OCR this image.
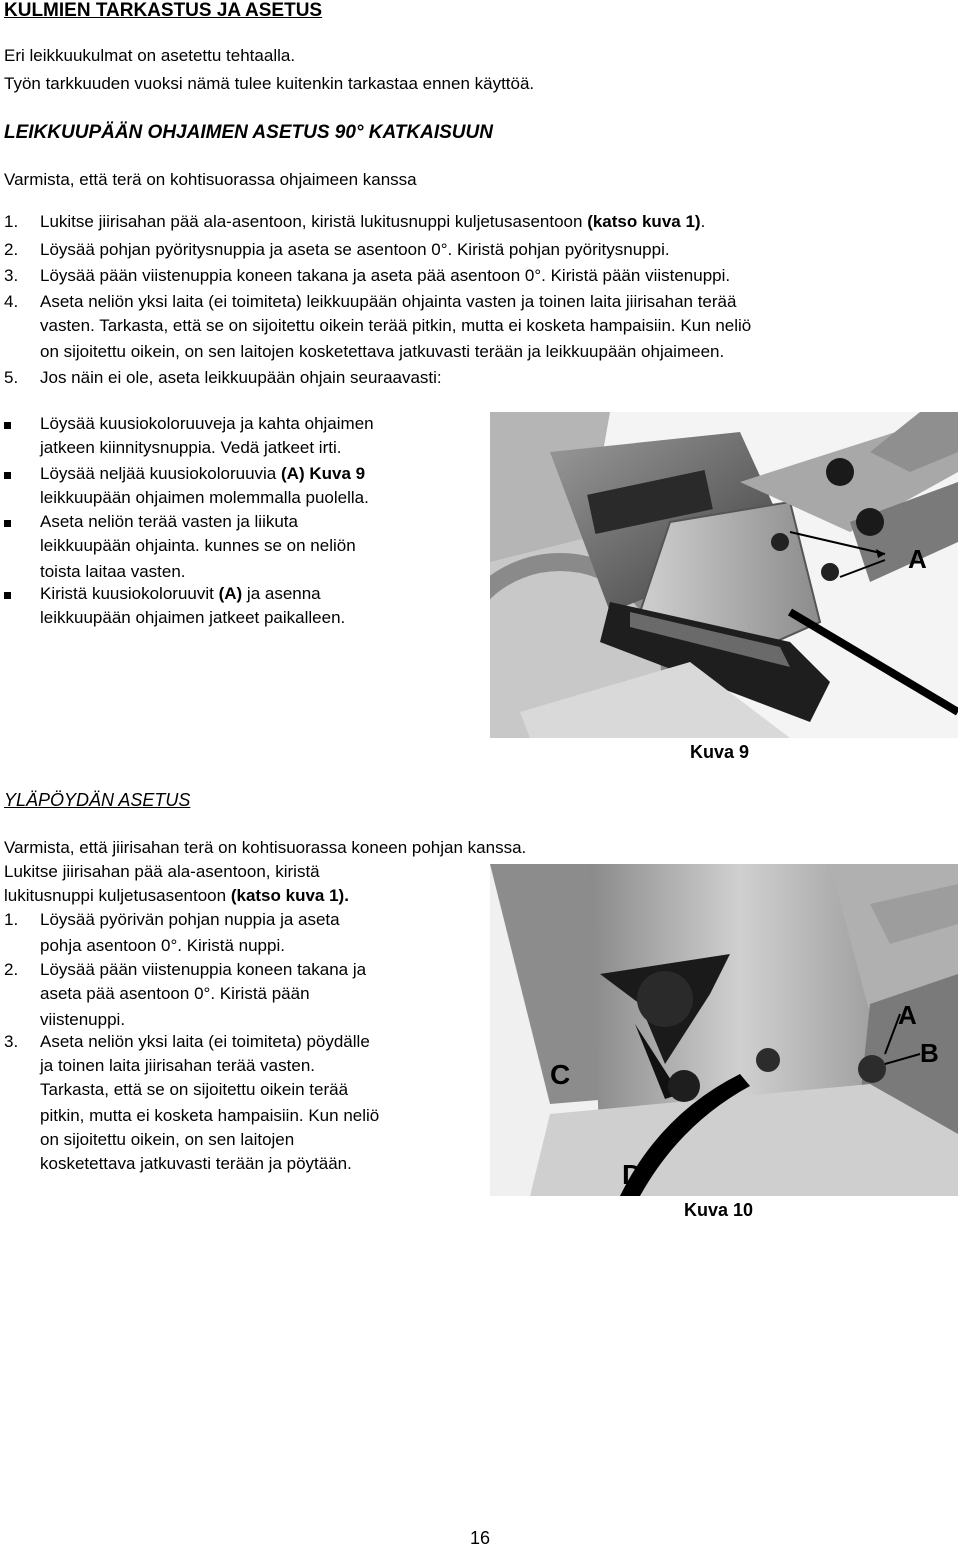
KULMIEN TARKASTUS JA ASETUS
Eri leikkuukulmat on asetettu tehtaalla.
Työn tarkkuuden vuoksi nämä tulee kuitenkin tarkastaa ennen käyttöä.
LEIKKUUPÄÄN OHJAIMEN ASETUS 90° KATKAISUUN
Varmista, että terä on kohtisuorassa ohjaimeen kanssa
1. Lukitse jiirisahan pää ala-asentoon, kiristä lukitusnuppi kuljetusasentoon (katso kuva 1).
2. Löysää pohjan pyöritysnuppia ja aseta se asentoon 0°. Kiristä pohjan pyöritysnuppi.
3. Löysää pään viistenuppia koneen takana ja aseta pää asentoon 0°. Kiristä pään viistenuppi.
4. Aseta neliön yksi laita (ei toimiteta) leikkuupään ohjainta vasten ja toinen laita jiirisahan terää
vasten. Tarkasta, että se on sijoitettu oikein terää pitkin, mutta ei kosketa hampaisiin. Kun neliö
on sijoitettu oikein, on sen laitojen kosketettava jatkuvasti terään ja leikkuupään ohjaimeen.
5. Jos näin ei ole, aseta leikkuupään ohjain seuraavasti:
Löysää kuusiokoloruuveja ja kahta ohjaimen
jatkeen kiinnitysnuppia. Vedä jatkeet irti.
Löysää neljää kuusiokoloruuvia (A) Kuva 9
leikkuupään ohjaimen molemmalla puolella.
Aseta neliön terää vasten ja liikuta
leikkuupään ohjainta. kunnes se on neliön
toista laitaa vasten.
Kiristä kuusiokoloruuvit (A) ja asenna
leikkuupään ohjaimen jatkeet paikalleen.
A
Kuva 9
YLÄPÖYDÄN ASETUS
Varmista, että jiirisahan terä on kohtisuorassa koneen pohjan kanssa.
Lukitse jiirisahan pää ala-asentoon, kiristä
lukitusnuppi kuljetusasentoon (katso kuva 1).
1. Löysää pyörivän pohjan nuppia ja aseta
pohja asentoon 0°. Kiristä nuppi.
2. Löysää pään viistenuppia koneen takana ja
aseta pää asentoon 0°. Kiristä pään
viistenuppi.
3. Aseta neliön yksi laita (ei toimiteta) pöydälle
ja toinen laita jiirisahan terää vasten.
Tarkasta, että se on sijoitettu oikein terää
pitkin, mutta ei kosketa hampaisiin. Kun neliö
on sijoitettu oikein, on sen laitojen
kosketettava jatkuvasti terään ja pöytään.
A
B
C
D
Kuva 10
16
